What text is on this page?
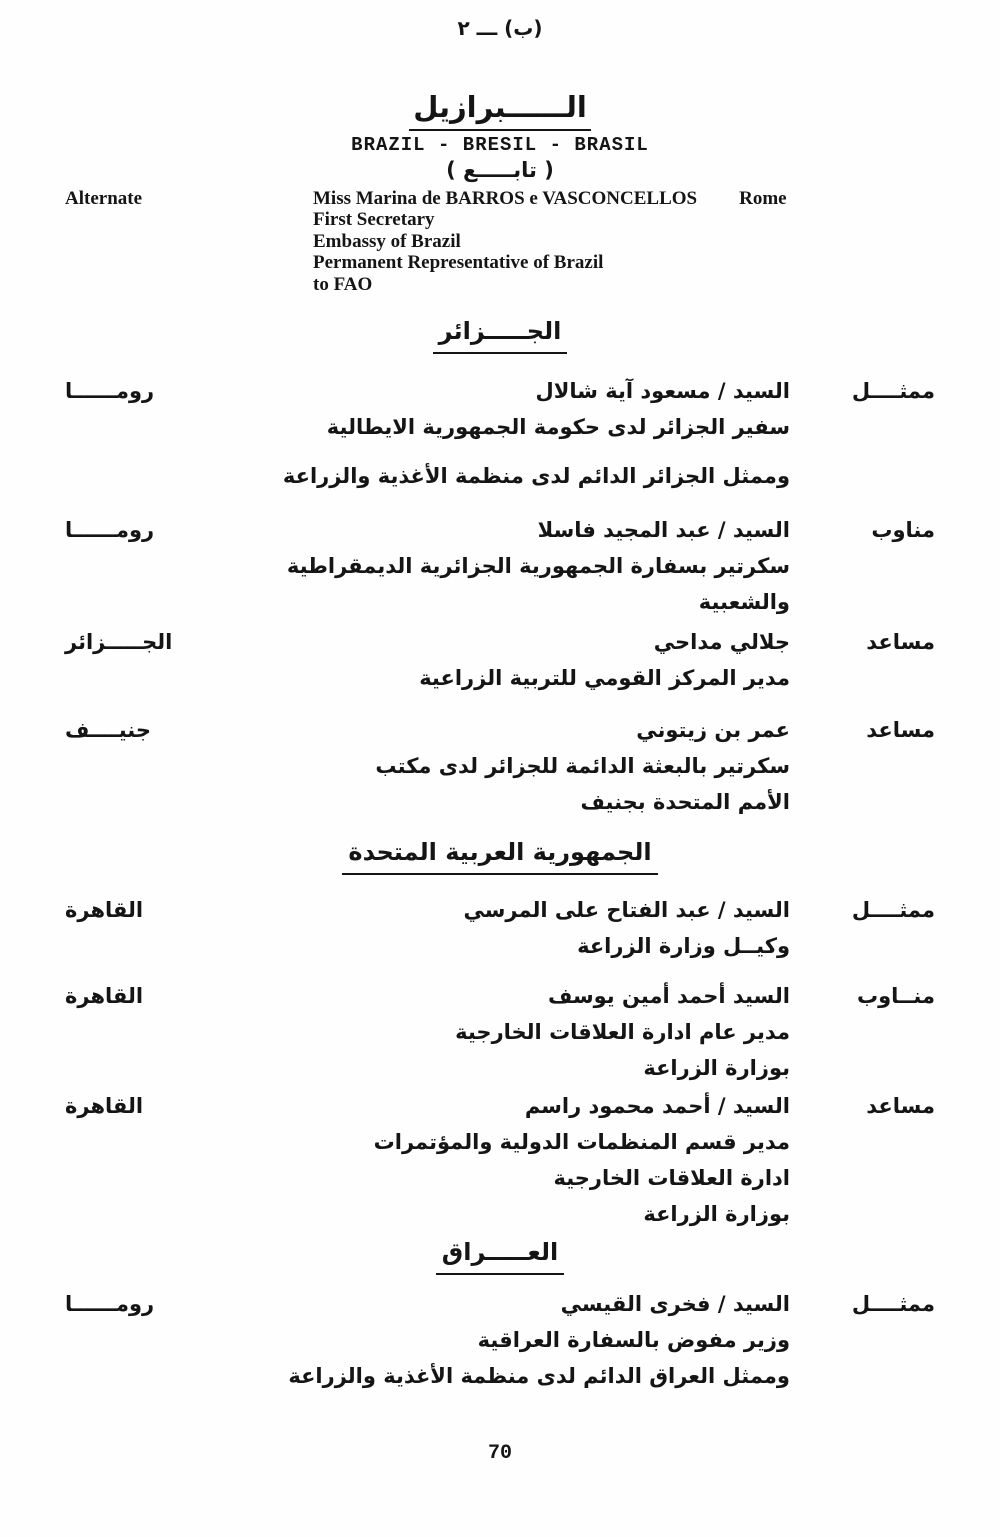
(ب) ـــ ٢
الــــــبرازيل
BRAZIL - BRESIL - BRASIL
( تابـــــع )
Alternate	Miss Marina de BARROS e VASCONCELLOS Rome
First Secretary
Embassy of Brazil
Permanent Representative of Brazil
to FAO
الجـــــزائر
ممثــــل
السيد / مسعود آية شالال
سفير الجزائر لدى حكومة الجمهورية الايطالية
وممثل الجزائر الدائم لدى منظمة الأغذية والزراعة
رومــــــا
مناوب
السيد / عبد المجيد فاسلا
سكرتير بسفارة الجمهورية الجزائرية الديمقراطية
والشعبية
رومــــــا
مساعد
جلالي مداحي
مدير المركز القومي للتربية الزراعية
الجـــــزائر
مساعد
عمر بن زيتوني
سكرتير بالبعثة الدائمة للجزائر لدى مكتب
الأمم المتحدة بجنيف
جنيــــف
الجمهورية العربية المتحدة
ممثــــل
السيد / عبد الفتاح على المرسي
وكيــل وزارة الزراعة
القاهرة
منــاوب
السيد أحمد أمين يوسف
مدير عام ادارة العلاقات الخارجية
بوزارة الزراعة
القاهرة
مساعد
السيد / أحمد محمود راسم
مدير قسم المنظمات الدولية والمؤتمرات
ادارة العلاقات الخارجية
بوزارة الزراعة
القاهرة
العـــــراق
ممثــــل
السيد / فخرى القيسي
وزير مفوض بالسفارة العراقية
وممثل العراق الدائم لدى منظمة الأغذية والزراعة
رومــــــا
70
